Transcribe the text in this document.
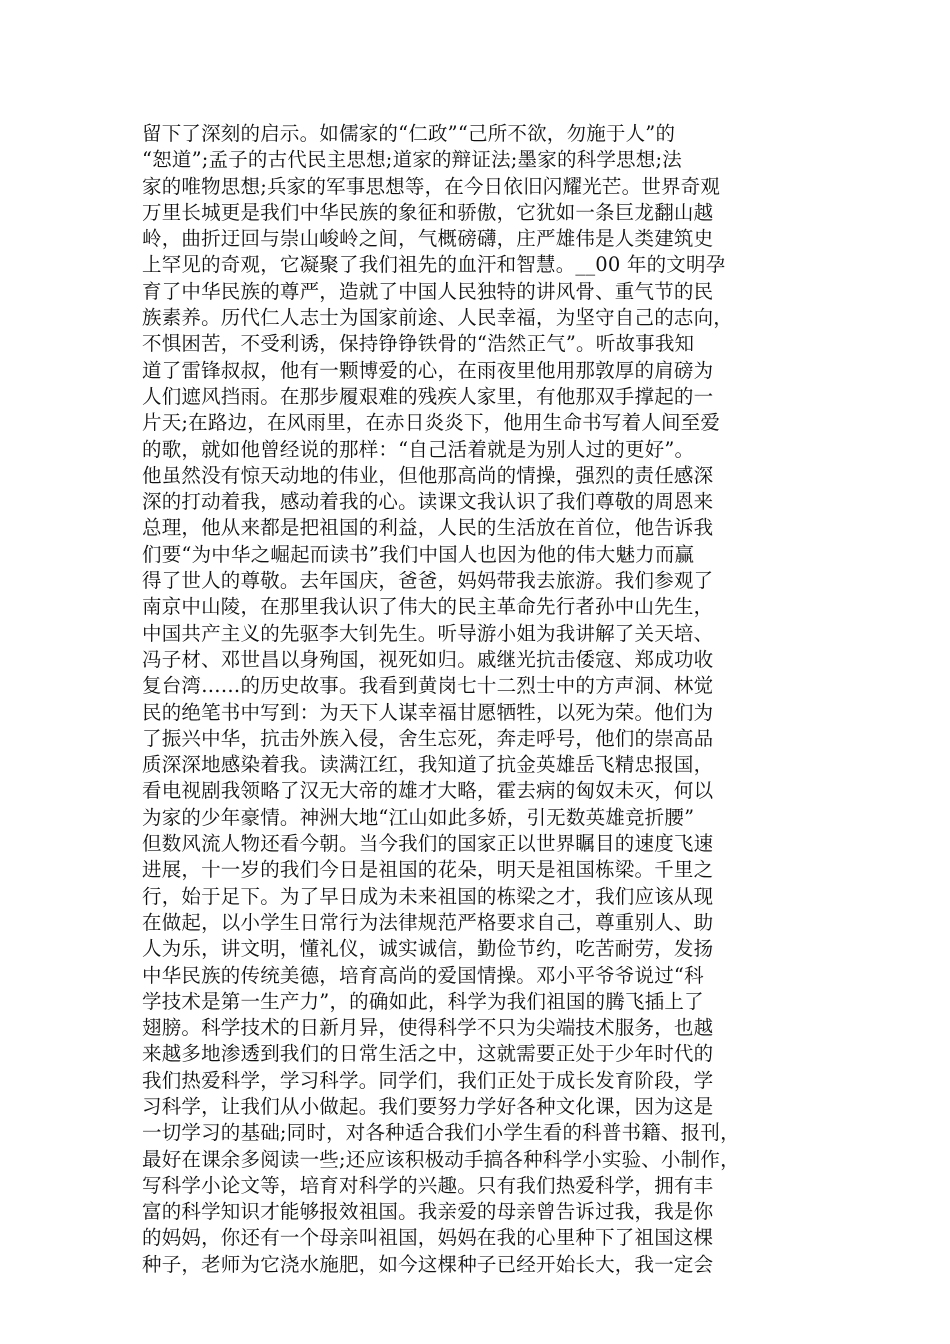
留下了深刻的启示。如儒家的“仁政”“己所不欲，勿施于人”的
“恕道”;孟子的古代民主思想;道家的辩证法;墨家的科学思想;法
家的唯物思想;兵家的军事思想等，在今日依旧闪耀光芒。世界奇观
万里长城更是我们中华民族的象征和骄傲，它犹如一条巨龙翻山越
岭，曲折迂回与崇山峻岭之间，气概磅礴，庄严雄伟是人类建筑史
上罕见的奇观，它凝聚了我们祖先的血汗和智慧。__00 年的文明孕
育了中华民族的尊严，造就了中国人民独特的讲风骨、重气节的民
族素养。历代仁人志士为国家前途、人民幸福，为坚守自己的志向，
不惧困苦，不受利诱，保持铮铮铁骨的“浩然正气”。听故事我知
道了雷锋叔叔，他有一颗博爱的心，在雨夜里他用那敦厚的肩磅为
人们遮风挡雨。在那步履艰难的残疾人家里，有他那双手撑起的一
片天;在路边，在风雨里，在赤日炎炎下，他用生命书写着人间至爱
的歌，就如他曾经说的那样：“自己活着就是为别人过的更好”。
他虽然没有惊天动地的伟业，但他那高尚的情操，强烈的责任感深
深的打动着我，感动着我的心。读课文我认识了我们尊敬的周恩来
总理，他从来都是把祖国的利益，人民的生活放在首位，他告诉我
们要“为中华之崛起而读书”我们中国人也因为他的伟大魅力而赢
得了世人的尊敬。去年国庆，爸爸，妈妈带我去旅游。我们参观了
南京中山陵，在那里我认识了伟大的民主革命先行者孙中山先生，
中国共产主义的先驱李大钊先生。听导游小姐为我讲解了关天培、
冯子材、邓世昌以身殉国，视死如归。戚继光抗击倭寇、郑成功收
复台湾……的历史故事。我看到黄岗七十二烈士中的方声洞、林觉
民的绝笔书中写到：为天下人谋幸福甘愿牺牲，以死为荣。他们为
了振兴中华，抗击外族入侵，舍生忘死，奔走呼号，他们的崇高品
质深深地感染着我。读满江红，我知道了抗金英雄岳飞精忠报国，
看电视剧我领略了汉无大帝的雄才大略，霍去病的匈奴未灭，何以
为家的少年豪情。神洲大地“江山如此多娇，引无数英雄竞折腰”
但数风流人物还看今朝。当今我们的国家正以世界瞩目的速度飞速
进展，十一岁的我们今日是祖国的花朵，明天是祖国栋梁。千里之
行，始于足下。为了早日成为未来祖国的栋梁之才，我们应该从现
在做起，以小学生日常行为法律规范严格要求自己，尊重别人、助
人为乐，讲文明，懂礼仪，诚实诚信，勤俭节约，吃苦耐劳，发扬
中华民族的传统美德，培育高尚的爱国情操。邓小平爷爷说过“科
学技术是第一生产力”，的确如此，科学为我们祖国的腾飞插上了
翅膀。科学技术的日新月异，使得科学不只为尖端技术服务，也越
来越多地渗透到我们的日常生活之中，这就需要正处于少年时代的
我们热爱科学，学习科学。同学们，我们正处于成长发育阶段，学
习科学，让我们从小做起。我们要努力学好各种文化课，因为这是
一切学习的基础;同时，对各种适合我们小学生看的科普书籍、报刊，
最好在课余多阅读一些;还应该积极动手搞各种科学小实验、小制作，
写科学小论文等，培育对科学的兴趣。只有我们热爱科学，拥有丰
富的科学知识才能够报效祖国。我亲爱的母亲曾告诉过我，我是你
的妈妈，你还有一个母亲叫祖国，妈妈在我的心里种下了祖国这棵
种子，老师为它浇水施肥，如今这棵种子已经开始长大，我一定会
